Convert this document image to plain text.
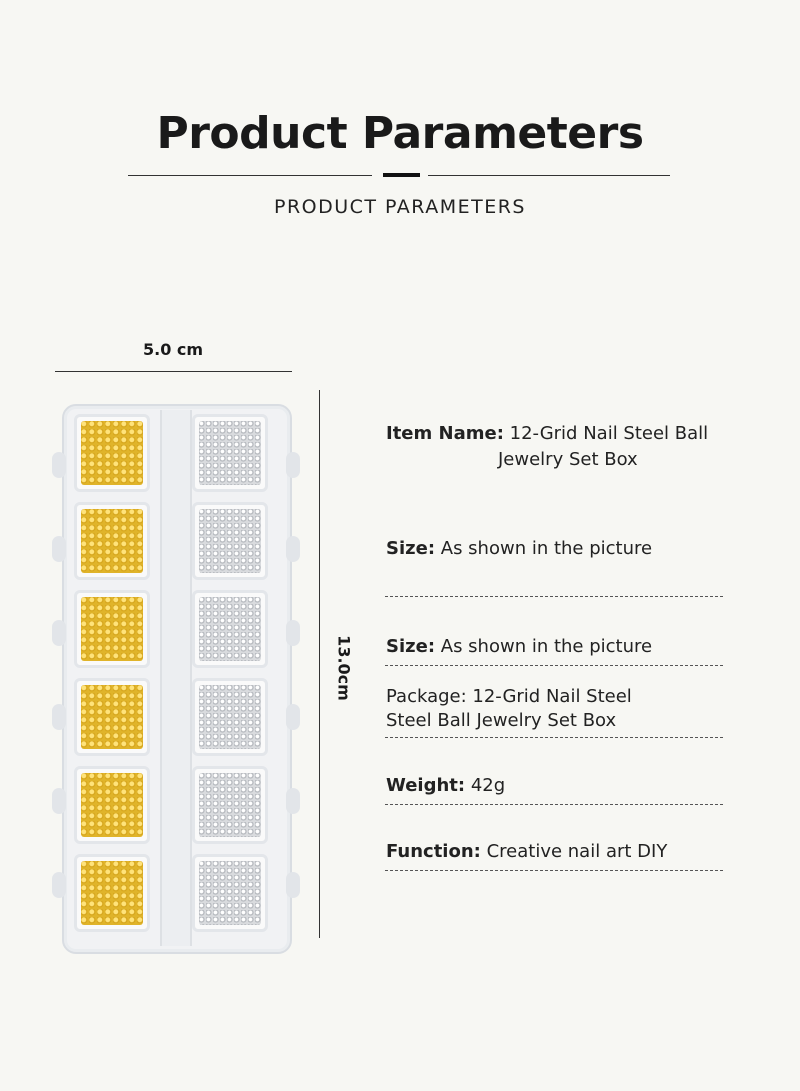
Product Parameters
PRODUCT PARAMETERS
5.0 cm
13.0cm
Item Name: 12-Grid Nail Steel Ball
Jewelry Set Box
Size: As shown in the picture
Size: As shown in the picture
Package: 12-Grid Nail Steel
Steel Ball Jewelry Set Box
Weight: 42g
Function: Creative nail art DIY
